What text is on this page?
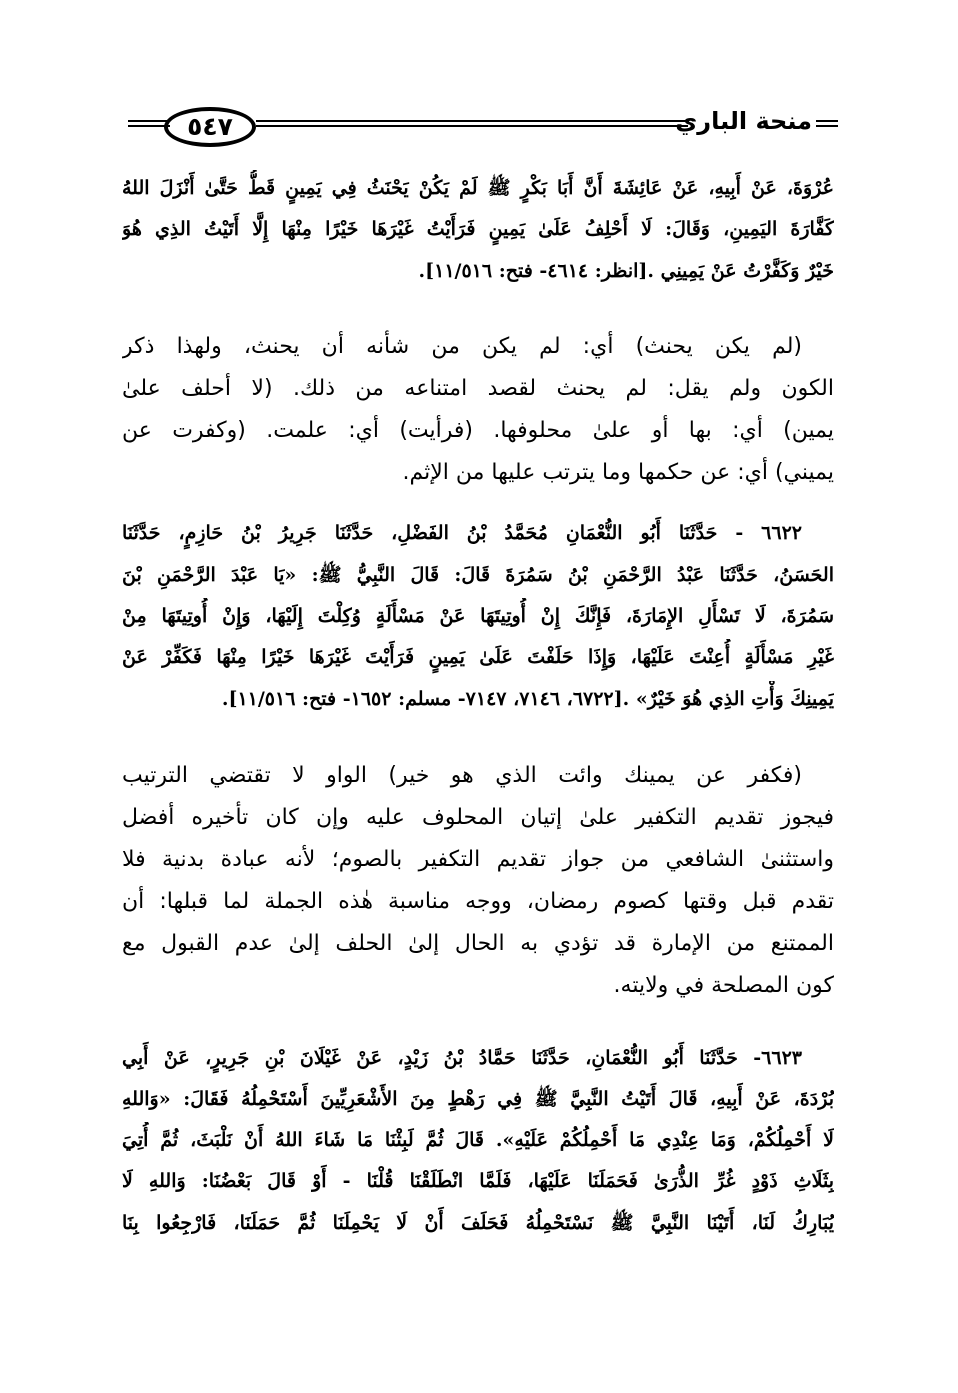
٥٤٧	منحة الباري
عُرْوَةَ، عَنْ أَبِيهِ، عَنْ عَائِشَةَ أَنَّ أَبَا بَكْرٍ ﷺ لَمْ يَكُنْ يَحْنَثُ فِي يَمِينٍ قَطُّ حَتَّىٰ أَنْزَلَ اللهُ
كَفَّارَةَ اليَمِينِ، وَقَالَ: لَا أَحْلِفُ عَلَىٰ يَمِينٍ فَرَأَيْتُ غَيْرَهَا خَيْرًا مِنْهَا إِلَّا أَتَيْتُ الذِي هُوَ
خَيْرٌ وَكَفَّرْتُ عَنْ يَمِينِي .[انظر: ٤٦١٤- فتح: ١١/٥١٦].
(لم يكن يحنث) أي: لم يكن من شأنه أن يحنث، ولهذا ذكر
الكون ولم يقل: لم يحنث لقصد امتناعه من ذلك. (لا أحلف علىٰ
يمين) أي: بها أو علىٰ محلوفها. (فرأيت) أي: علمت. (وكفرت عن
يميني) أي: عن حكمها وما يترتب عليها من الإثم.
٦٦٢٢ - حَدَّثَنَا أَبُو النُّعْمَانِ مُحَمَّدُ بْنُ الفَضْلِ، حَدَّثَنَا جَرِيرُ بْنُ حَازِمٍ، حَدَّثَنَا
الحَسَنُ، حَدَّثَنَا عَبْدُ الرَّحْمَنِ بْنُ سَمُرَةَ قَالَ: قَالَ النَّبِيُّ ﷺ: «يَا عَبْدَ الرَّحْمَنِ بْنَ
سَمُرَةَ، لَا تَسْأَلِ الإِمَارَةَ، فَإِنَّكَ إِنْ أُوتِيتَهَا عَنْ مَسْأَلَةٍ وُكِلْتَ إِلَيْهَا، وَإِنْ أُوتِيتَهَا مِنْ
غَيْرِ مَسْأَلَةٍ أُعِنْتَ عَلَيْهَا، وَإِذَا حَلَفْتَ عَلَىٰ يَمِينٍ فَرَأَيْتَ غَيْرَهَا خَيْرًا مِنْهَا فَكَفِّرْ عَنْ
يَمِينِكَ وَأْتِ الذِي هُوَ خَيْرٌ» .[٦٧٢٢، ٧١٤٦، ٧١٤٧- مسلم: ١٦٥٢- فتح: ١١/٥١٦].
(فكفر عن يمينك وائت الذي هو خير) الواو لا تقتضي الترتيب
فيجوز تقديم التكفير علىٰ إتيان المحلوف عليه وإن كان تأخيره أفضل
واستثنىٰ الشافعي من جواز تقديم التكفير بالصوم؛ لأنه عبادة بدنية فلا
تقدم قبل وقتها كصوم رمضان، ووجه مناسبة هٰذه الجملة لما قبلها: أن
الممتنع من الإمارة قد تؤدي به الحال إلىٰ الحلف إلىٰ عدم القبول مع
كون المصلحة في ولايته.
٦٦٢٣- حَدَّثَنَا أَبُو النُّعْمَانِ، حَدَّثَنَا حَمَّادُ بْنُ زَيْدٍ، عَنْ غَيْلَانَ بْنِ جَرِيرٍ، عَنْ أَبِي
بُرْدَةَ، عَنْ أَبِيهِ، قَالَ أَتَيْتُ النَّبِيَّ ﷺ فِي رَهْطٍ مِنَ الأَشْعَرِيِّينَ أَسْتَحْمِلُهُ فَقَالَ: «وَاللهِ
لَا أَحْمِلُكُمْ، وَمَا عِنْدِي مَا أَحْمِلُكُمْ عَلَيْهِ». قَالَ ثُمَّ لَبِثْنَا مَا شَاءَ اللهُ أَنْ نَلْبَثَ، ثُمَّ أُتِيَ
بِثَلَاثِ ذَوْدٍ غُرِّ الذُّرَىٰ فَحَمَلَنَا عَلَيْهَا، فَلَمَّا انْطَلَقْنَا قُلْنَا - أَوْ قَالَ بَعْضُنَا: وَاللهِ لَا
يُبَارِكُ لَنَا، أَتَيْنَا النَّبِيَّ ﷺ نَسْتَحْمِلُهُ فَحَلَفَ أَنْ لَا يَحْمِلَنَا ثُمَّ حَمَلَنَا، فَارْجِعُوا بِنَا
